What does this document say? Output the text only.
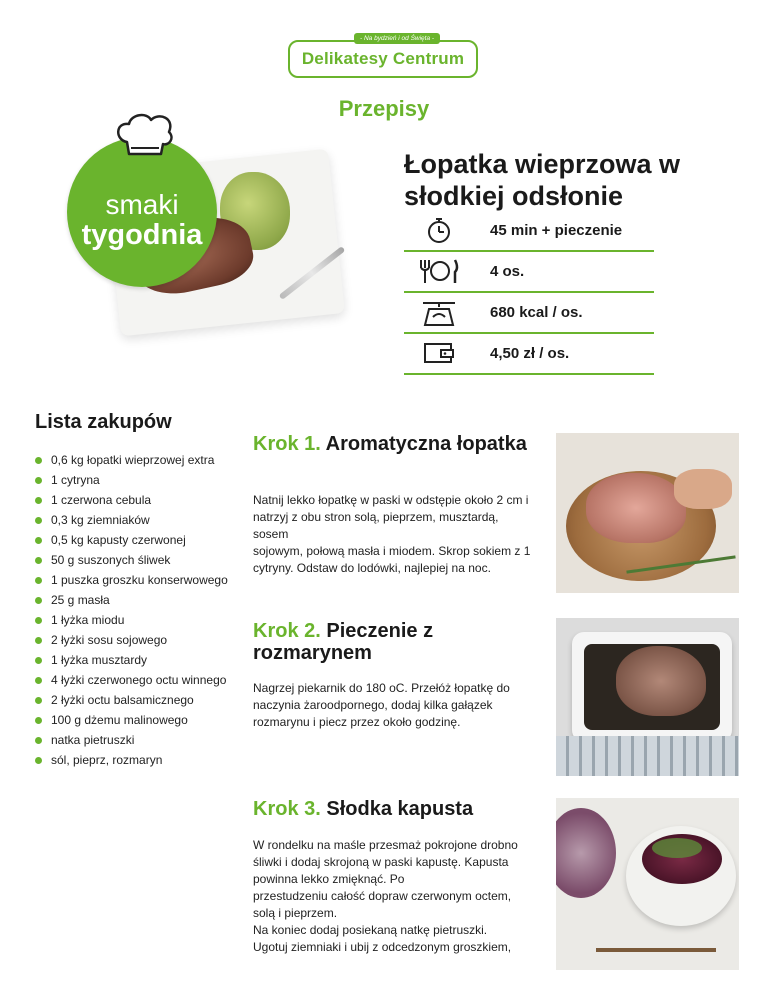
- Na bydzień i od Święta -
Delikatesy Centrum
Przepisy
smaki
tygodnia
Łopatka wieprzowa w słodkiej odsłonie
45 min + pieczenie
4 os.
680 kcal / os.
4,50 zł / os.
Lista zakupów
0,6 kg łopatki wieprzowej extra
1 cytryna
1 czerwona cebula
0,3 kg ziemniaków
0,5 kg kapusty czerwonej
50 g suszonych śliwek
1 puszka groszku konserwowego
25 g masła
1 łyżka miodu
2 łyżki sosu sojowego
1 łyżka musztardy
4 łyżki czerwonego octu winnego
2 łyżki octu balsamicznego
100 g dżemu malinowego
natka pietruszki
sól, pieprz, rozmaryn
Krok 1. Aromatyczna łopatka
Natnij lekko łopatkę w paski w odstępie około 2 cm i natrzyj z obu stron solą, pieprzem, musztardą, sosem
sojowym, połową masła i miodem. Skrop sokiem z 1 cytryny. Odstaw do lodówki, najlepiej na noc.
Krok 2. Pieczenie z rozmarynem
Nagrzej piekarnik do 180 oC. Przełóż łopatkę do naczynia żaroodpornego, dodaj kilka gałązek rozmarynu i piecz przez około godzinę.
Krok 3. Słodka kapusta
W rondelku na maśle przesmaż pokrojone drobno śliwki i dodaj skrojoną w paski kapustę. Kapusta powinna lekko zmięknąć. Po
przestudzeniu całość dopraw czerwonym octem, solą i pieprzem.
Na koniec dodaj posiekaną natkę pietruszki.
Ugotuj ziemniaki i ubij z odcedzonym groszkiem,
